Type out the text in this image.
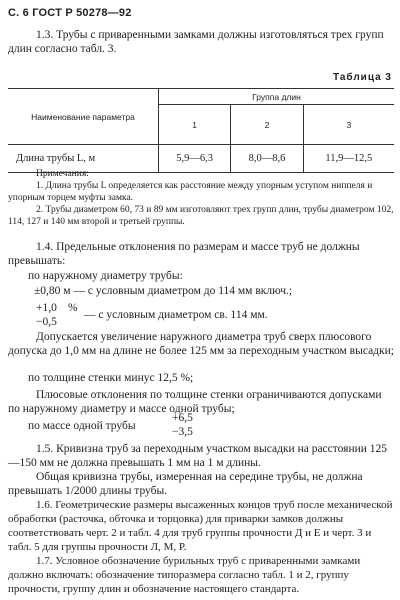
С. 6 ГОСТ Р 50278—92
1.3. Трубы с приваренными замками должны изготовляться трех групп длин согласно табл. 3.
Таблица 3
Наименование параметра	Группа длин		
	1	2	3
Длина трубы L, м	5,9—6,3	8,0—8,6	11,9—12,5
Примечания:
1. Длина трубы L определяется как расстояние между упорным уступом ниппеля и упорным торцем муфты замка.
2. Трубы диаметром 60, 73 и 89 мм изготовляют трех групп длин, трубы диаметром 102, 114, 127 и 140 мм второй и третьей группы.
1.4. Предельные отклонения по размерам и массе труб не должны превышать:
по наружному диаметру трубы:
±0,80 м — с условным диаметром до 114 мм включ.;
+1,0
−0,5
%
— с условным диаметром св. 114 мм.
Допускается увеличение наружного диаметра труб сверх плюсового допуска до 1,0 мм на длине не более 125 мм за переходным участком высадки;
по толщине стенки минус 12,5 %;
Плюсовые отклонения по толщине стенки ограничиваются допусками по наружному диаметру и массе одной трубы;
по массе одной трубы
+6,5
−3,5
1.5. Кривизна труб за переходным участком высадки на расстоянии 125—150 мм не должна превышать 1 мм на 1 м длины.
Общая кривизна трубы, измеренная на середине трубы, не должна превышать 1/2000 длины трубы.
1.6. Геометрические размеры высаженных концов труб после механической обработки (расточка, обточка и торцовка) для приварки замков должны соответствовать черт. 2 и табл. 4 для труб группы прочности Д и Е и черт. 3 и табл. 5 для группы прочности Л, М, Р.
1.7. Условное обозначение бурильных труб с приваренными замками должно включать: обозначение типоразмера согласно табл. 1 и 2, группу прочности, группу длин и обозначение настоящего стандарта.
